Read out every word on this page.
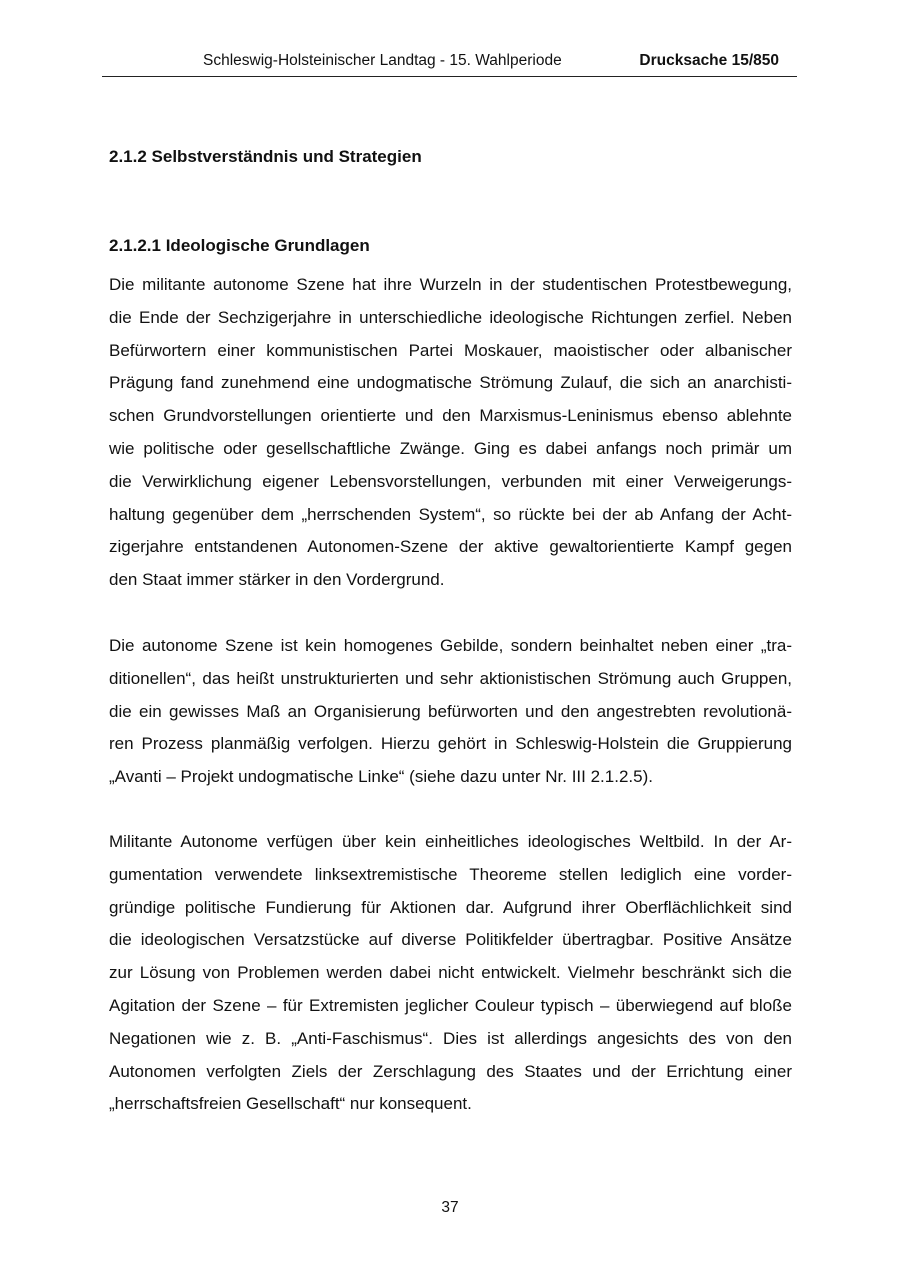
Schleswig-Holsteinischer Landtag - 15. Wahlperiode	Drucksache 15/850
2.1.2 Selbstverständnis und Strategien
2.1.2.1 Ideologische Grundlagen
Die militante autonome Szene hat ihre Wurzeln in der studentischen Protestbewegung,
die Ende der Sechzigerjahre in unterschiedliche ideologische Richtungen zerfiel. Neben
Befürwortern einer kommunistischen Partei Moskauer, maoistischer oder albanischer
Prägung fand zunehmend eine undogmatische Strömung Zulauf, die sich an anarchisti-
schen Grundvorstellungen orientierte und den Marxismus-Leninismus ebenso ablehnte
wie politische oder gesellschaftliche Zwänge. Ging es dabei anfangs noch primär um
die Verwirklichung eigener Lebensvorstellungen, verbunden mit einer Verweigerungs-
haltung gegenüber dem „herrschenden System“, so rückte bei der ab Anfang der Acht-
zigerjahre entstandenen Autonomen-Szene der aktive gewaltorientierte Kampf gegen
den Staat immer stärker in den Vordergrund.
Die autonome Szene ist kein homogenes Gebilde, sondern beinhaltet neben einer „tra-
ditionellen“, das heißt unstrukturierten und sehr aktionistischen Strömung auch Gruppen,
die ein gewisses Maß an Organisierung befürworten und den angestrebten revolutionä-
ren Prozess planmäßig verfolgen. Hierzu gehört in Schleswig-Holstein die Gruppierung
„Avanti – Projekt undogmatische Linke“ (siehe dazu unter Nr. III 2.1.2.5).
Militante Autonome verfügen über kein einheitliches ideologisches Weltbild. In der Ar-
gumentation verwendete linksextremistische Theoreme stellen lediglich eine vorder-
gründige politische Fundierung für Aktionen dar. Aufgrund ihrer Oberflächlichkeit sind
die ideologischen Versatzstücke auf diverse Politikfelder übertragbar. Positive Ansätze
zur Lösung von Problemen werden dabei nicht entwickelt. Vielmehr beschränkt sich die
Agitation der Szene – für Extremisten jeglicher Couleur typisch – überwiegend auf bloße
Negationen wie z. B. „Anti-Faschismus“. Dies ist allerdings angesichts des von den
Autonomen verfolgten Ziels der Zerschlagung des Staates und der Errichtung einer
„herrschaftsfreien Gesellschaft“ nur konsequent.
37
